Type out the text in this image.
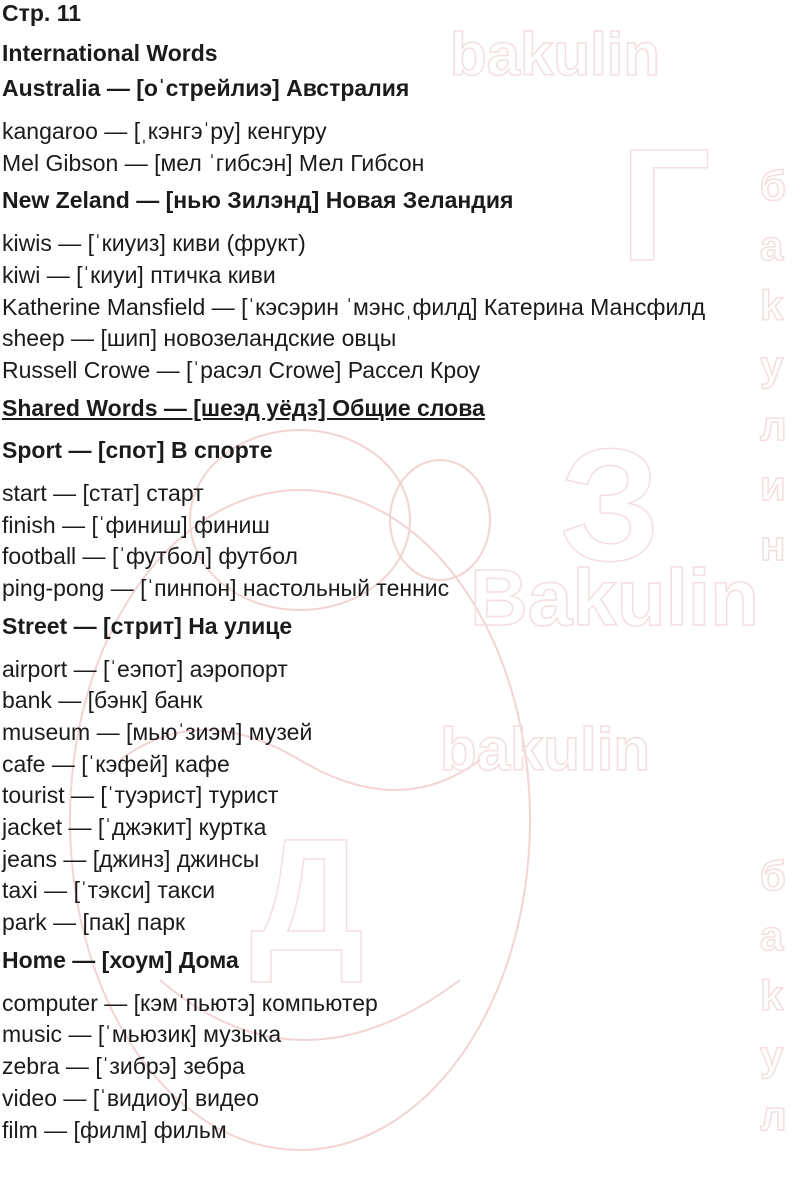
bakulin
bakulin
Bakulin
б
а
k
у
л
и
н
б
а
k
у
л
Д
З
Г
Стр. 11
International Words
Australia — [оˈстрейлиэ] Австралия
kangaroo — [ˌкэнгэˈру] кенгуру
Mel Gibson — [мел ˈгибсэн] Мел Гибсон
New Zeland — [нью Зилэнд] Новая Зеландия
kiwis — [ˈкиуиз] киви (фрукт)
kiwi — [ˈкиуи] птичка киви
Katherine Mansfield — [ˈкэсэрин ˈмэнсˌфилд] Катерина Мансфилд
sheep — [шип] новозеландские овцы
Russell Crowe — [ˈрасэл Crowe] Рассел Кроу
Shared Words — [шеэд уёдз] Общие слова
Sport — [спот] В спорте
start — [стат] старт
finish — [ˈфиниш] финиш
football — [ˈфутбол] футбол
ping-pong — [ˈпинпон] настольный теннис
Street — [стрит] На улице
airport — [ˈеэпот] аэропорт
bank — [бэнк] банк
museum — [мьюˈзиэм] музей
cafe — [ˈкэфей] кафе
tourist — [ˈтуэрист] турист
jacket — [ˈджэкит] куртка
jeans — [джинз] джинсы
taxi — [ˈтэкси] такси
park — [пак] парк
Home — [хоум] Дома
computer — [кэмˈпьютэ] компьютер
music — [ˈмьюзик] музыка
zebra — [ˈзибрэ] зебра
video — [ˈвидиоу] видео
film — [филм] фильм
